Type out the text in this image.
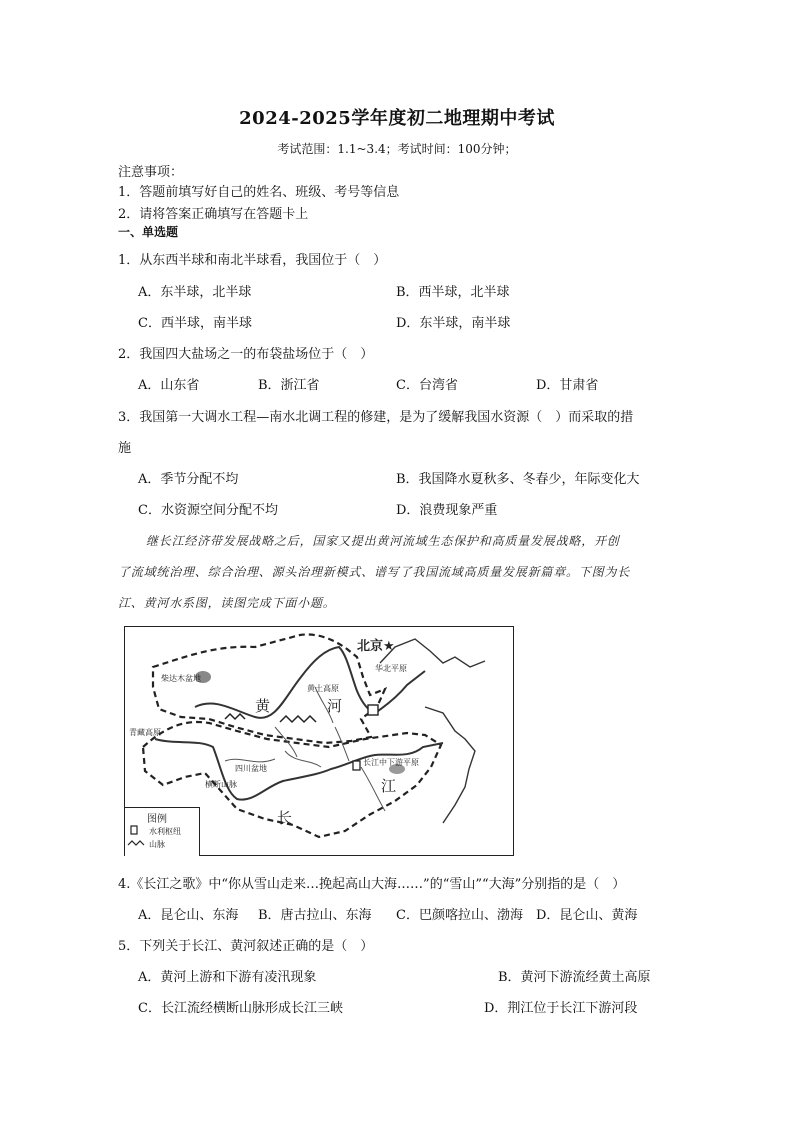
2024-2025学年度初二地理期中考试
考试范围：1.1~3.4；考试时间：100分钟；
注意事项：
1．答题前填写好自己的姓名、班级、考号等信息
2．请将答案正确填写在答题卡上
一、单选题
1．从东西半球和南北半球看，我国位于（　）
A．东半球，北半球	B．西半球，北半球
C．西半球，南半球	D．东半球，南半球
2．我国四大盐场之一的布袋盐场位于（　）
A．山东省	B．浙江省	C．台湾省	D．甘肃省
3．我国第一大调水工程—南水北调工程的修建，是为了缓解我国水资源（　）而采取的措
施
A．季节分配不均	B．我国降水夏秋多、冬春少，年际变化大
C．水资源空间分配不均	D．浪费现象严重
继长江经济带发展战略之后，国家又提出黄河流域生态保护和高质量发展战略，开创
了流域统治理、综合治理、源头治理新模式、谱写了我国流域高质量发展新篇章。下图为长
江、黄河水系图，读图完成下面小题。
北京★
华北平原
柴达木盆地
黄土高原
黄	河
青藏高原
四川盆地
横断山脉
长江中下游平原
长
江
图例
水利枢纽
山脉
4.《长江之歌》中“你从雪山走来…挽起高山大海……”的“雪山”“大海”分别指的是（　）
A．昆仑山、东海 B．唐古拉山、东海 C．巴颜喀拉山、渤海 D．昆仑山、黄海
5．下列关于长江、黄河叙述正确的是（　）
A．黄河上游和下游有凌汛现象	B．黄河下游流经黄土高原
C．长江流经横断山脉形成长江三峡	D．荆江位于长江下游河段
